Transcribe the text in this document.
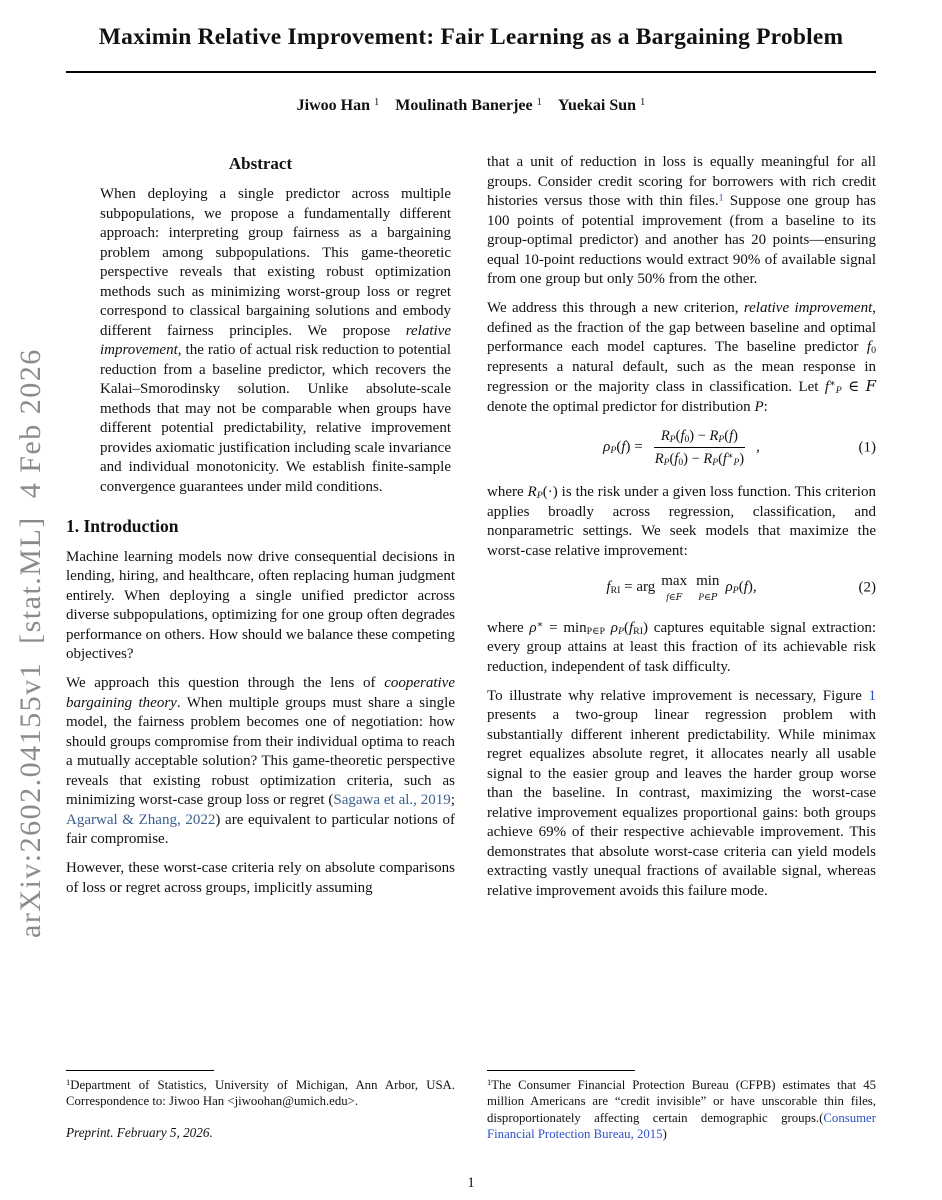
arXiv:2602.04155v1  [stat.ML]  4 Feb 2026
Maximin Relative Improvement: Fair Learning as a Bargaining Problem
Jiwoo Han $^1$  Moulinath Banerjee $^1$  Yuekai Sun $^1$
Abstract

When deploying a single predictor across multiple subpopulations, we propose a fundamentally different approach: interpreting group fairness as a bargaining problem among subpopulations. This game-theoretic perspective reveals that existing robust optimization methods such as minimizing worst-group loss or regret correspond to classical bargaining solutions and embody different fairness principles. We propose relative improvement, the ratio of actual risk reduction to potential reduction from a baseline predictor, which recovers the Kalai–Smorodinsky solution. Unlike absolute-scale methods that may not be comparable when groups have different potential predictability, relative improvement provides axiomatic justification including scale invariance and individual monotonicity. We establish finite-sample convergence guarantees under mild conditions.

1. Introduction

Machine learning models now drive consequential decisions in lending, hiring, and healthcare, often replacing human judgment entirely. When deploying a single unified predictor across diverse subpopulations, optimizing for one group often degrades performance on others. How should we balance these competing objectives?

We approach this question through the lens of cooperative bargaining theory. When multiple groups must share a single model, the fairness problem becomes one of negotiation: how should groups compromise from their individual optima to reach a mutually acceptable solution? This game-theoretic perspective reveals that existing robust optimization criteria, such as minimizing worst-case group loss or regret (Sagawa et al., 2019; Agarwal & Zhang, 2022) are equivalent to particular notions of fair compromise.

However, these worst-case criteria rely on absolute comparisons of loss or regret across groups, implicitly assuming

$^1$Department of Statistics, University of Michigan, Ann Arbor, USA. Correspondence to: Jiwoo Han <jiwoohan@umich.edu>.

Preprint. February 5, 2026.

that a unit of reduction in loss is equally meaningful for all groups. Consider credit scoring for borrowers with rich credit histories versus those with thin files.$^1$ Suppose one group has 100 points of potential improvement (from a baseline to its group-optimal predictor) and another has 20 points—ensuring equal 10-point reductions would extract 90% of available signal from one group but only 50% from the other.

We address this through a new criterion, relative improvement, defined as the fraction of the gap between baseline and optimal performance each model captures. The baseline predictor f0 represents a natural default, such as the mean response in regression or the majority class in classification. Let f∗P ∈ F denote the optimal predictor for distribution P:

$\rho P(f) = \frac{RP(f0) - RP(f)}{RP(f0) - RP(f^∗P)}$ ,	(1)

where RP(·) is the risk under a given loss function. This criterion applies broadly across regression, classification, and nonparametric settings. We seek models that maximize the worst-case relative improvement:

fRI = arg max
f∈F
min
P∈P
ρP(f),	(2)

where ρ∗ = minP∈P ρP(fRI) captures equitable signal extraction: every group attains at least this fraction of its achievable risk reduction, independent of task difficulty.

To illustrate why relative improvement is necessary, Figure 1 presents a two-group linear regression problem with substantially different inherent predictability. While minimax regret equalizes absolute regret, it allocates nearly all usable signal to the easier group and leaves the harder group worse than the baseline. In contrast, maximizing the worst-case relative improvement equalizes proportional gains: both groups achieve 69% of their respective achievable improvement. This demonstrates that absolute worst-case criteria can yield models extracting vastly unequal fractions of available signal, whereas relative improvement avoids this failure mode.

$^1$The Consumer Financial Protection Bureau (CFPB) estimates that 45 million Americans are “credit invisible” or have unscorable thin files, disproportionately affecting certain demographic groups.(Consumer Financial Protection Bureau, 2015)

1
